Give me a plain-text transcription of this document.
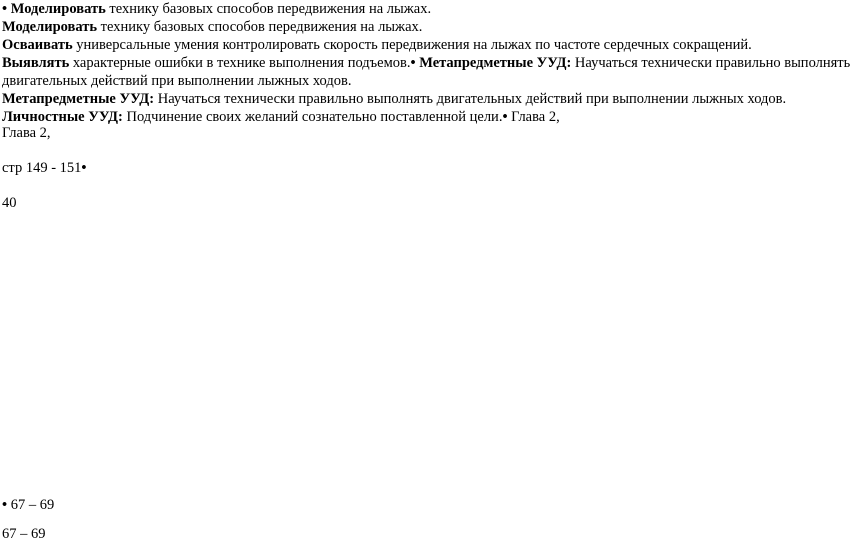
• Моделировать технику базовых способов передвижения на лыжах.
Моделировать технику базовых способов передвижения на лыжах.
Осваивать универсальные умения контролировать скорость передвижения на лыжах по частоте сердечных сокращений.
Выявлять характерные ошибки в технике выполнения подъемов.• Метапредметные УУД: Научаться технически правильно выполнять
двигательных действий при выполнении лыжных ходов.
Метапредметные УУД: Научаться технически правильно выполнять двигательных действий при выполнении лыжных ходов.
Личностные УУД: Подчинение своих желаний сознательно поставленной цели.• Глава 2,
Глава 2,
стр 149 - 151•
40
• 67 – 69
67 – 69
